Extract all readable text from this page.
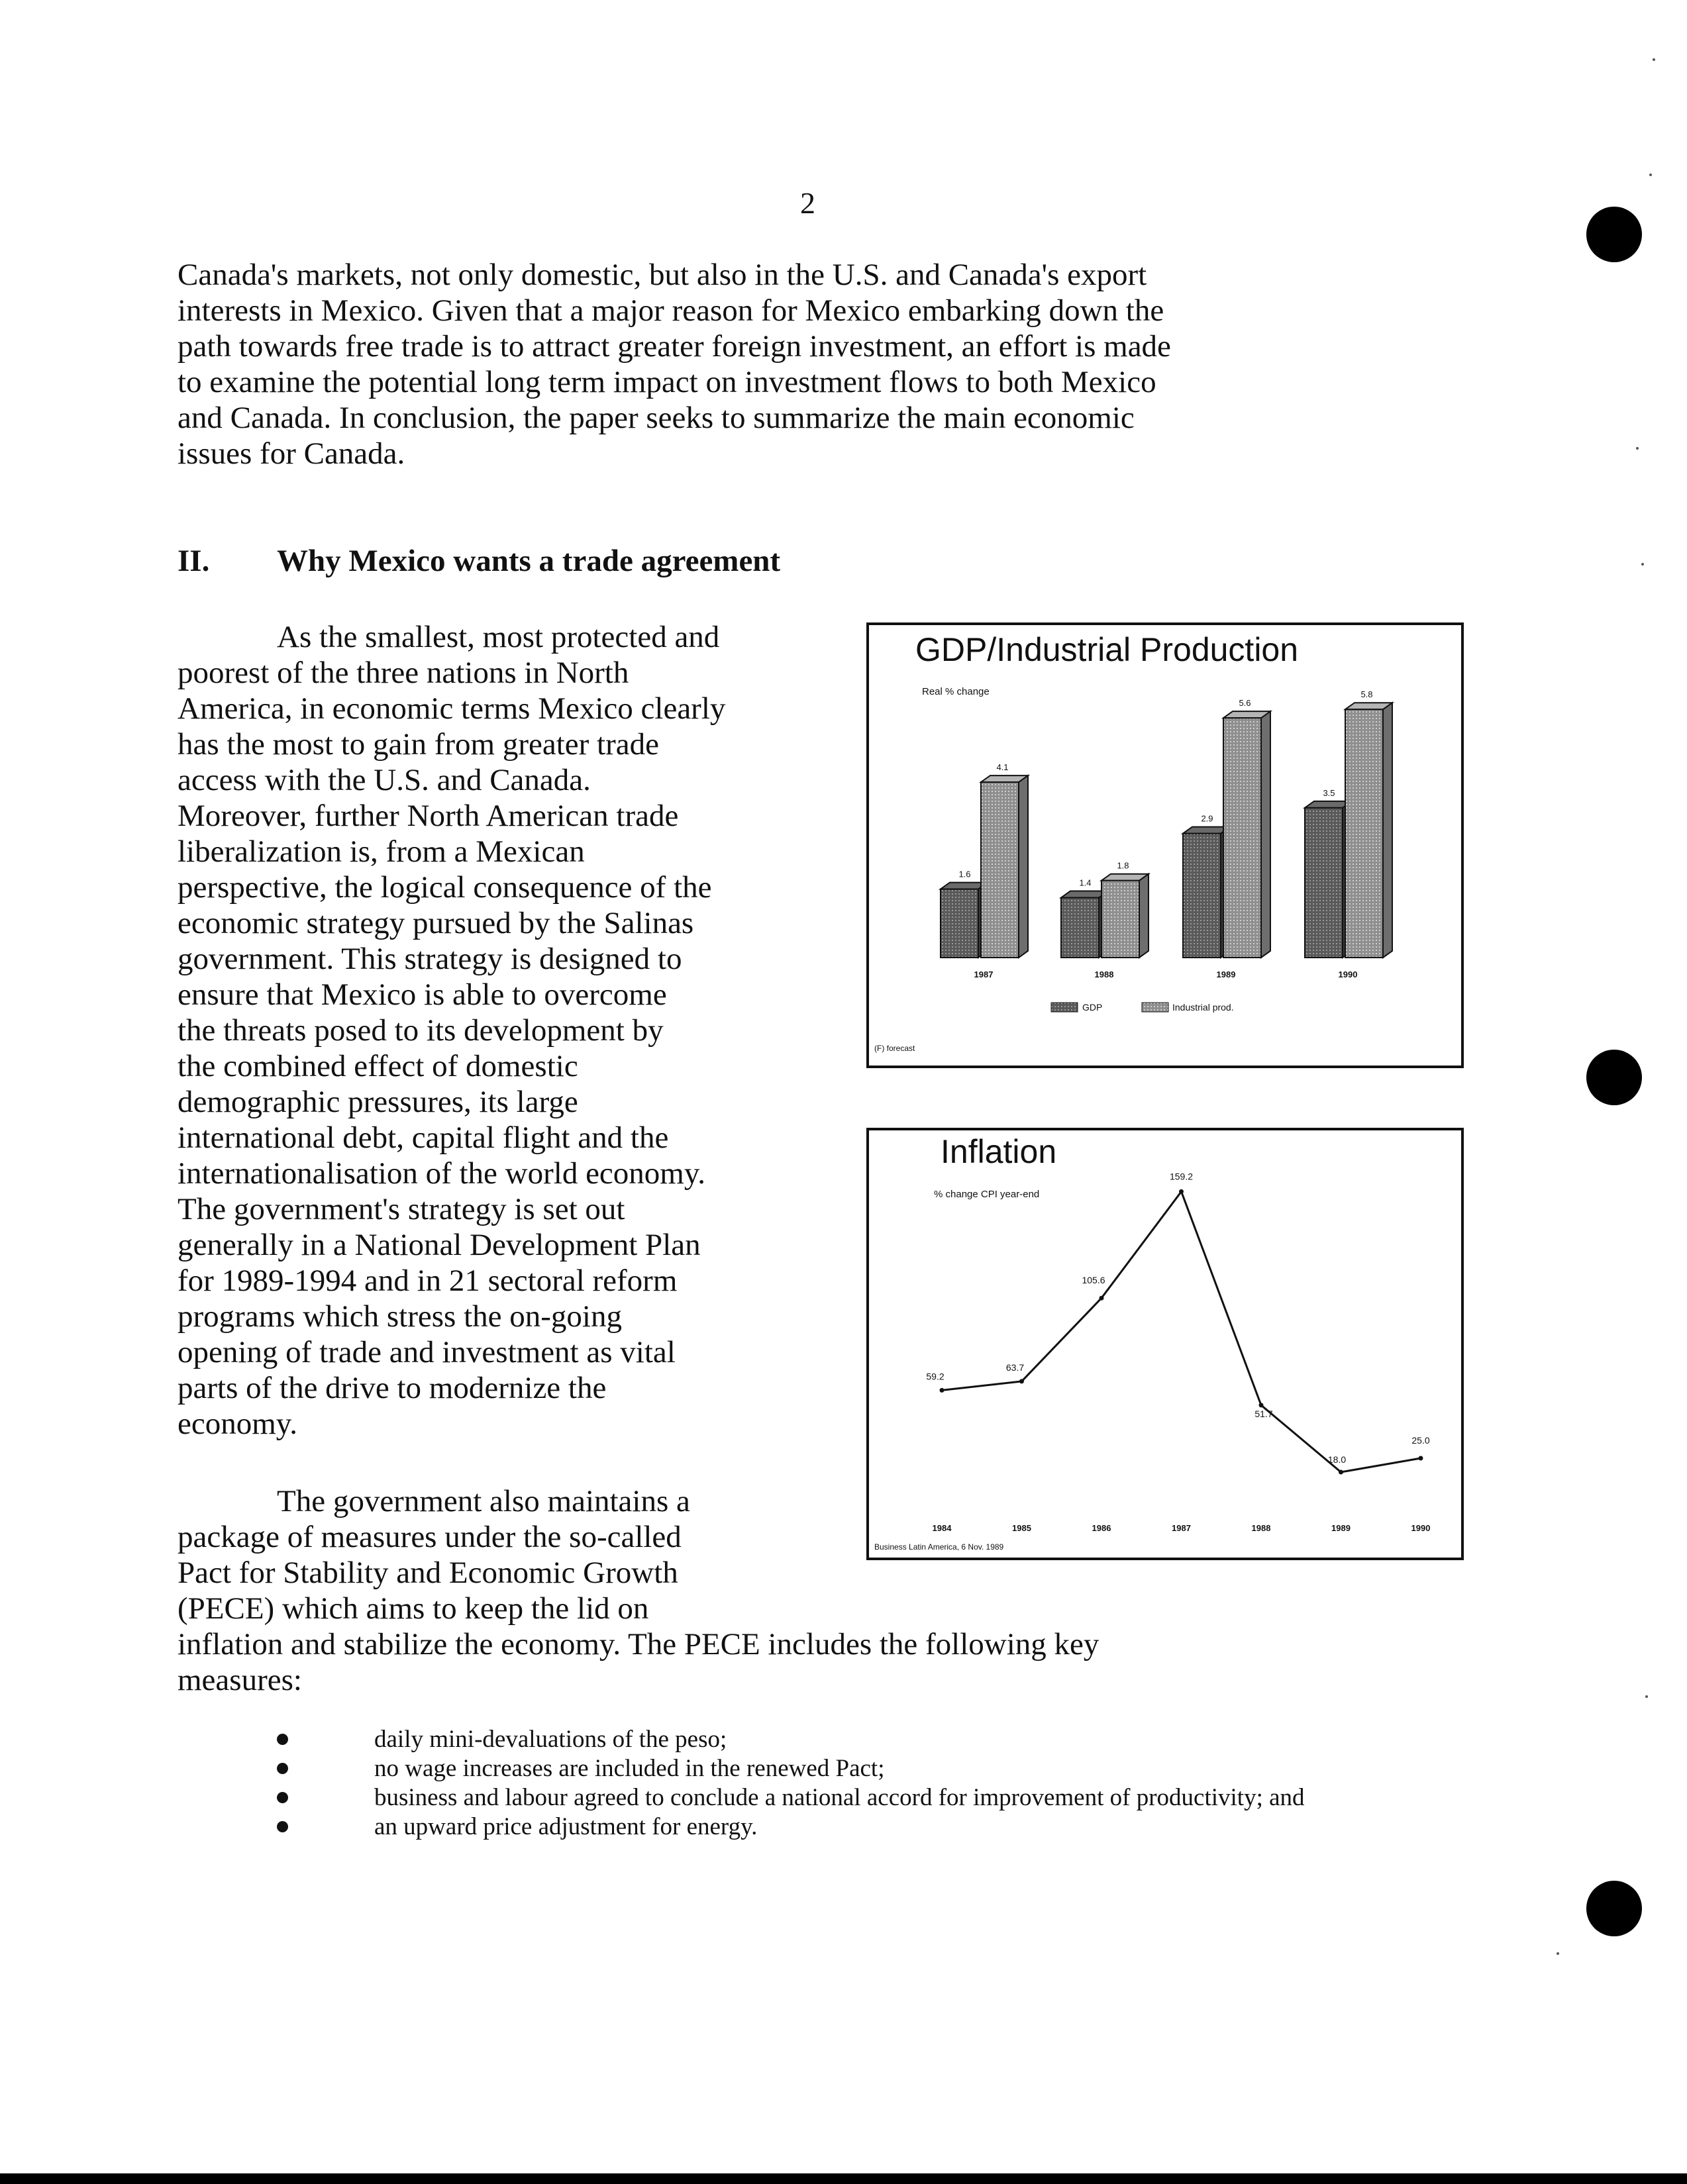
2
Canada's markets, not only domestic, but also in the U.S. and Canada's export
interests in Mexico. Given that a major reason for Mexico embarking down the
path towards free trade is to attract greater foreign investment, an effort is made
to examine the potential long term impact on investment flows to both Mexico
and Canada. In conclusion, the paper seeks to summarize the main economic
issues for Canada.
II. Why Mexico wants a trade agreement
As the smallest, most protected and
poorest of the three nations in North
America, in economic terms Mexico clearly
has the most to gain from greater trade
access with the U.S. and Canada.
Moreover, further North American trade
liberalization is, from a Mexican
perspective, the logical consequence of the
economic strategy pursued by the Salinas
government. This strategy is designed to
ensure that Mexico is able to overcome
the threats posed to its development by
the combined effect of domestic
demographic pressures, its large
international debt, capital flight and the
internationalisation of the world economy.
The government's strategy is set out
generally in a National Development Plan
for 1989-1994 and in 21 sectoral reform
programs which stress the on-going
opening of trade and investment as vital
parts of the drive to modernize the
economy.
The government also maintains a
package of measures under the so-called
Pact for Stability and Economic Growth
(PECE) which aims to keep the lid on
inflation and stabilize the economy. The PECE includes the following key
measures:
daily mini-devaluations of the peso;
no wage increases are included in the renewed Pact;
business and labour agreed to conclude a national accord for improvement of productivity; and
an upward price adjustment for energy.
GDP/Industrial Production
Real % change
1.6
4.1
1987
1.4
1.8
1988
2.9
5.6
1989
3.5
5.8
1990
GDP	Industrial prod.
(F) forecast
Inflation
% change CPI year-end
59.2
1984
63.7
1985
105.6
1986
159.2
1987
51.7
1988
18.0
1989
25.0
1990
Business Latin America, 6 Nov. 1989
